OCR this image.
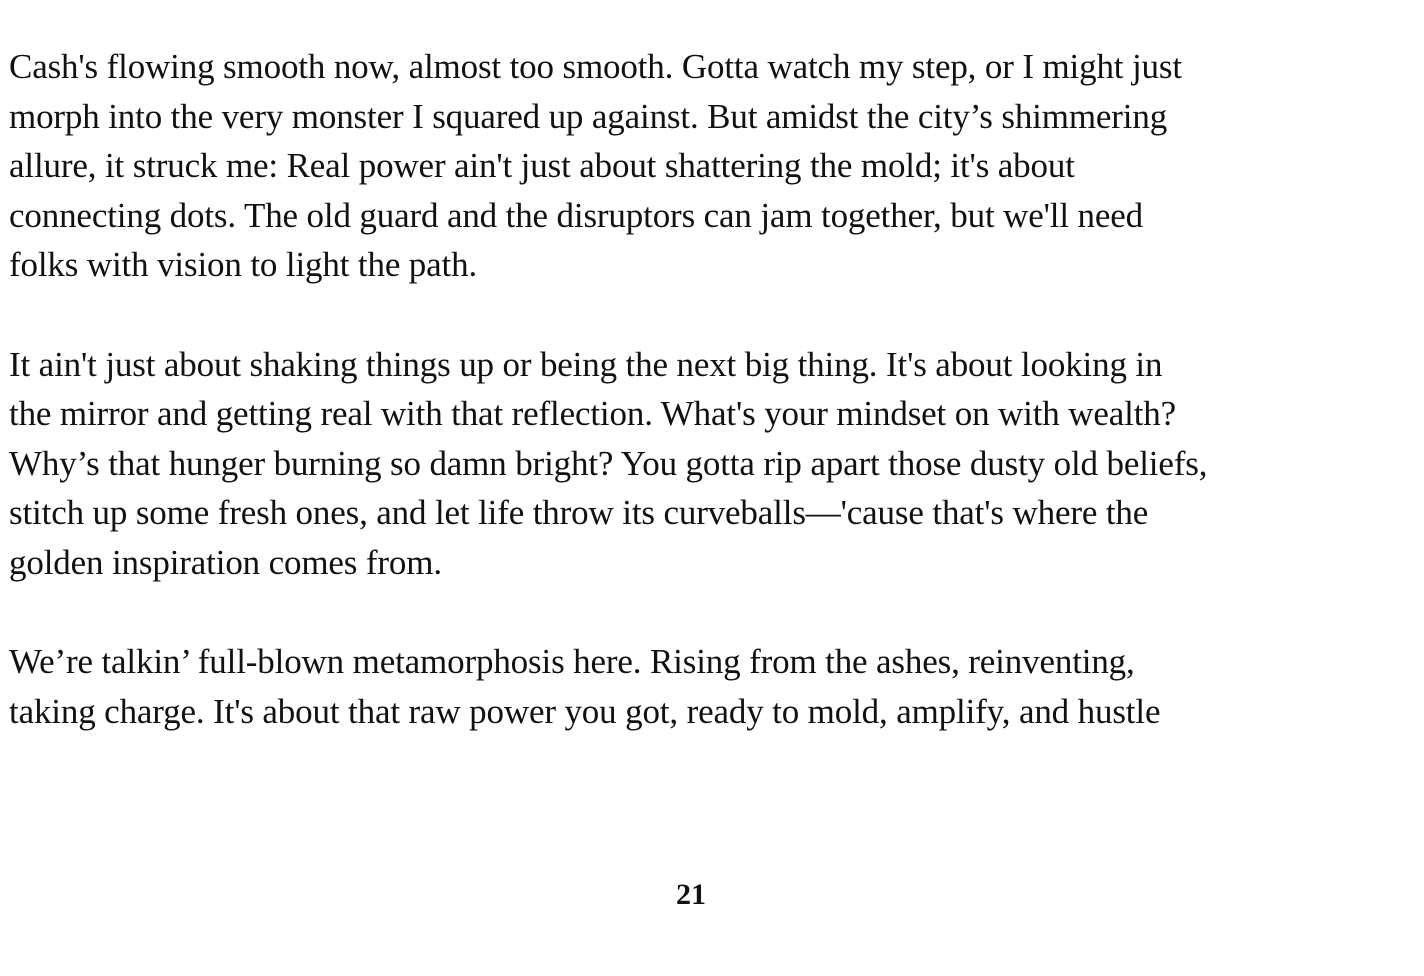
Cash's flowing smooth now, almost too smooth. Gotta watch my step, or I might just
morph into the very monster I squared up against. But amidst the city’s shimmering
allure, it struck me: Real power ain't just about shattering the mold; it's about
connecting dots. The old guard and the disruptors can jam together, but we'll need
folks with vision to light the path.

It ain't just about shaking things up or being the next big thing. It's about looking in
the mirror and getting real with that reflection. What's your mindset on with wealth?
Why’s that hunger burning so damn bright? You gotta rip apart those dusty old beliefs,
stitch up some fresh ones, and let life throw its curveballs—'cause that's where the
golden inspiration comes from.

We’re talkin’ full-blown metamorphosis here. Rising from the ashes, reinventing,
taking charge. It's about that raw power you got, ready to mold, amplify, and hustle

21
